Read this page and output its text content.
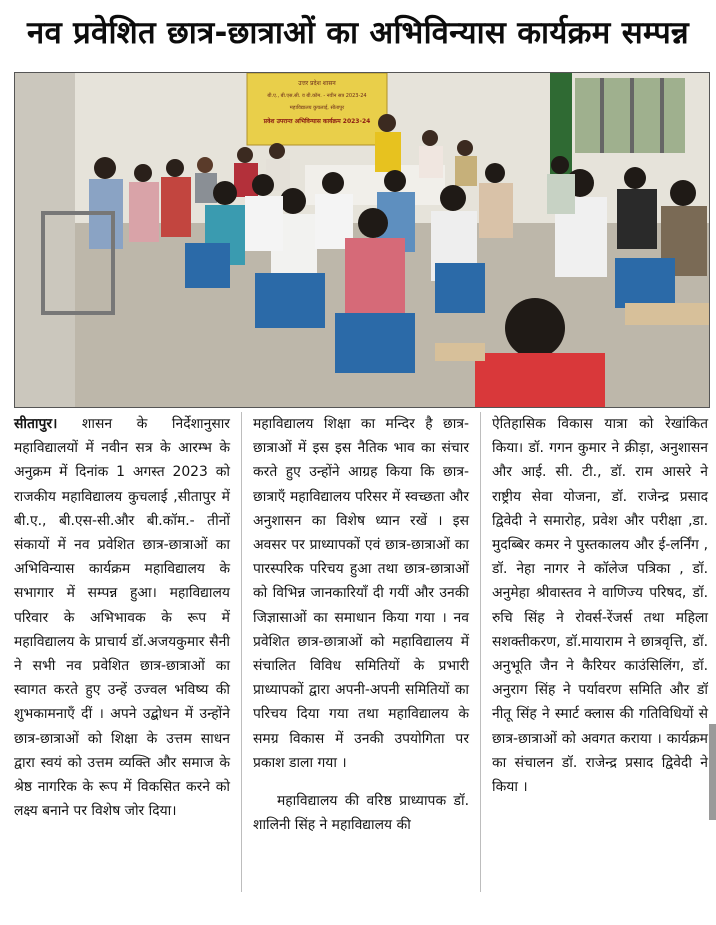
नव प्रवेशित छात्र-छात्राओं का अभिविन्यास कार्यक्रम सम्पन्न
उत्तर प्रदेश शासन
बी.ए., बी.एस.सी. व बी.कॉम. - नवीन सत्र 2023-24
महाविद्यालय कुचलाई, सीतापुर
प्रवेश उपरान्त अभिविन्यास कार्यक्रम 2023-24

सीतापुर। शासन के निर्देशानुसार महाविद्यालयों में नवीन सत्र के आरम्भ के अनुक्रम में दिनांक 1 अगस्त 2023 को राजकीय महाविद्यालय कुचलाई ,सीतापुर में बी.ए., बी.एस-सी.और बी.कॉम.- तीनों संकायों में नव प्रवेशित छात्र-छात्राओं का अभिविन्यास कार्यक्रम महाविद्यालय के सभागार में सम्पन्न हुआ। महाविद्यालय परिवार के अभिभावक के रूप में महाविद्यालय के प्राचार्य डॉ.अजयकुमार सैनी ने सभी नव प्रवेशित छात्र-छात्राओं का स्वागत करते हुए उन्हें उज्वल भविष्य की शुभकामनाएँ दीं । अपने उद्बोधन में उन्होंने छात्र-छात्राओं को शिक्षा के उत्तम साधन द्वारा स्वयं को उत्तम व्यक्ति और समाज के श्रेष्ठ नागरिक के रूप में विकसित करने को लक्ष्य बनाने पर विशेष जोर दिया।

महाविद्यालय शिक्षा का मन्दिर है छात्र-छात्राओं में इस इस नैतिक भाव का संचार करते हुए उन्होंने आग्रह किया कि छात्र-छात्राएँ महाविद्यालय परिसर में स्वच्छता और अनुशासन का विशेष ध्यान रखें । इस अवसर पर प्राध्यापकों एवं छात्र-छात्राओं का पारस्परिक परिचय हुआ तथा छात्र-छात्राओं को विभिन्न जानकारियाँ दी गयीं और उनकी जिज्ञासाओं का समाधान किया गया । नव प्रवेशित छात्र-छात्राओं को महाविद्यालय में संचालित विविध समितियों के प्रभारी प्राध्यापकों द्वारा अपनी-अपनी समितियों का परिचय दिया गया तथा महाविद्यालय के समग्र विकास में उनकी उपयोगिता पर प्रकाश डाला गया ।

महाविद्यालय की वरिष्ठ प्राध्यापक डॉ. शालिनी सिंह ने महाविद्यालय की

ऐतिहासिक विकास यात्रा को रेखांकित किया। डॉ. गगन कुमार ने क्रीड़ा, अनुशासन और आई. सी. टी., डॉ. राम आसरे ने राष्ट्रीय सेवा योजना, डॉ. राजेन्द्र प्रसाद द्विवेदी ने समारोह, प्रवेश और परीक्षा ,डा. मुदब्बिर कमर ने पुस्तकालय और ई-लर्निंग , डॉ. नेहा नागर ने कॉलेज पत्रिका , डॉ. अनुमेहा श्रीवास्तव ने वाणिज्य परिषद, डॉ. रुचि सिंह ने रोवर्स-रेंजर्स तथा महिला सशक्तीकरण, डॉ.मायाराम ने छात्रवृत्ति, डॉ. अनुभूति जैन ने कैरियर काउंसिलिंग, डॉ. अनुराग सिंह ने पर्यावरण समिति और डॉ नीतू सिंह ने स्मार्ट क्लास की गतिविधियों से छात्र-छात्राओं को अवगत कराया । कार्यक्रम का संचालन डॉ. राजेन्द्र प्रसाद द्विवेदी ने किया ।
